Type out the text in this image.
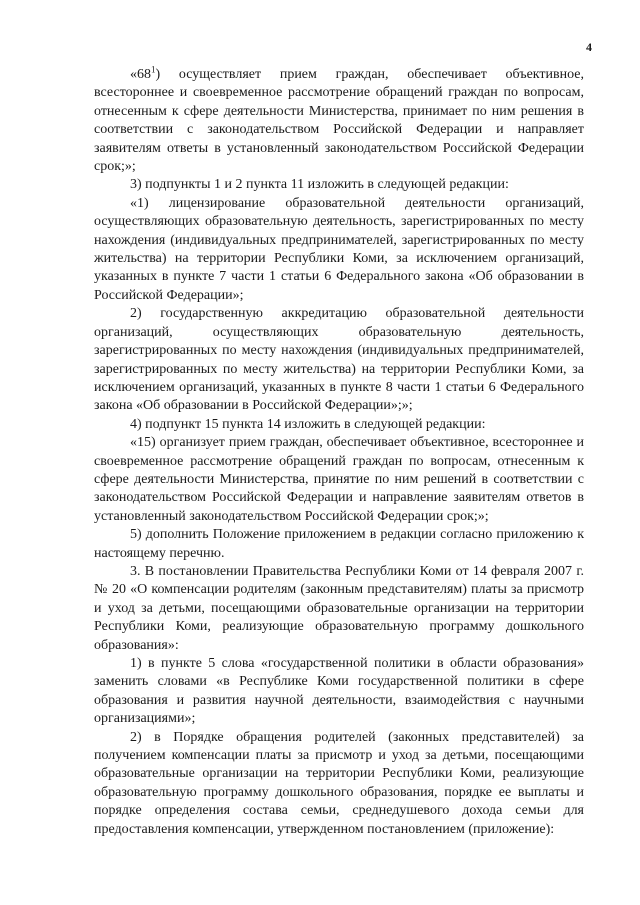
4

«$68^1$) осуществляет прием граждан, обеспечивает объективное, всестороннее и своевременное рассмотрение обращений граждан по вопросам, отнесенным к сфере деятельности Министерства, принимает по ним решения в соответствии с законодательством Российской Федерации и направляет заявителям ответы в установленный законодательством Российской Федерации срок;»;

3) подпункты 1 и 2 пункта 11 изложить в следующей редакции:

«1) лицензирование образовательной деятельности организаций, осуществляющих образовательную деятельность, зарегистрированных по месту нахождения (индивидуальных предпринимателей, зарегистрированных по месту жительства) на территории Республики Коми, за исключением организаций, указанных в пункте 7 части 1 статьи 6 Федерального закона «Об образовании в Российской Федерации»;

2) государственную аккредитацию образовательной деятельности организаций, осуществляющих образовательную деятельность, зарегистрированных по месту нахождения (индивидуальных предпринимателей, зарегистрированных по месту жительства) на территории Республики Коми, за исключением организаций, указанных в пункте 8 части 1 статьи 6 Федерального закона «Об образовании в Российской Федерации»;»;

4) подпункт 15 пункта 14 изложить в следующей редакции:

«15) организует прием граждан, обеспечивает объективное, всестороннее и своевременное рассмотрение обращений граждан по вопросам, отнесенным к сфере деятельности Министерства, принятие по ним решений в соответствии с законодательством Российской Федерации и направление заявителям ответов в установленный законодательством Российской Федерации срок;»;

5) дополнить Положение приложением в редакции согласно приложению к настоящему перечню.

3. В постановлении Правительства Республики Коми от 14 февраля 2007 г. № 20 «О компенсации родителям (законным представителям) платы за присмотр и уход за детьми, посещающими образовательные организации на территории Республики Коми, реализующие образовательную программу дошкольного образования»:

1) в пункте 5 слова «государственной политики в области образования» заменить словами «в Республике Коми государственной политики в сфере образования и развития научной деятельности, взаимодействия с научными организациями»;

2) в Порядке обращения родителей (законных представителей) за получением компенсации платы за присмотр и уход за детьми, посещающими образовательные организации на территории Республики Коми, реализующие образовательную программу дошкольного образования, порядке ее выплаты и порядке определения состава семьи, среднедушевого дохода семьи для предоставления компенсации, утвержденном постановлением (приложение):
